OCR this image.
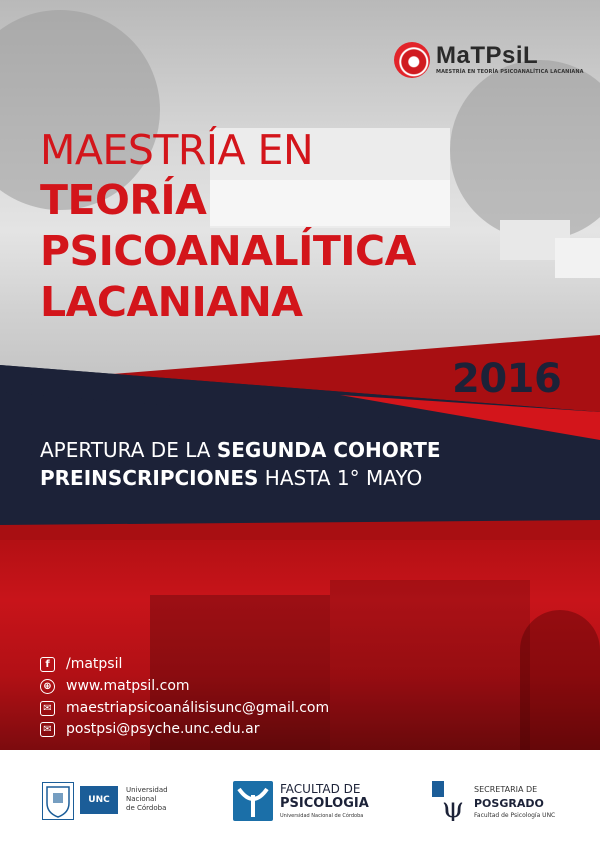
MaTPsiL
MAESTRÍA EN TEORÍA PSICOANALÍTICA LACANIANA
MAESTRÍA EN
TEORÍA
PSICOANALÍTICA
LACANIANA
2016
APERTURA DE LA SEGUNDA COHORTE
PREINSCRIPCIONES HASTA 1° MAYO
f	/matpsil
⊕ www.matpsil.com
✉ maestriapsicoanálisisunc@gmail.com
✉ postpsi@psyche.unc.edu.ar
UNC
Universidad
Nacional
de Córdoba
FACULTAD DE
PSICOLOGIA
Universidad Nacional de Córdoba	ψ
SECRETARIA DE
POSGRADO
Facultad de Psicología UNC
